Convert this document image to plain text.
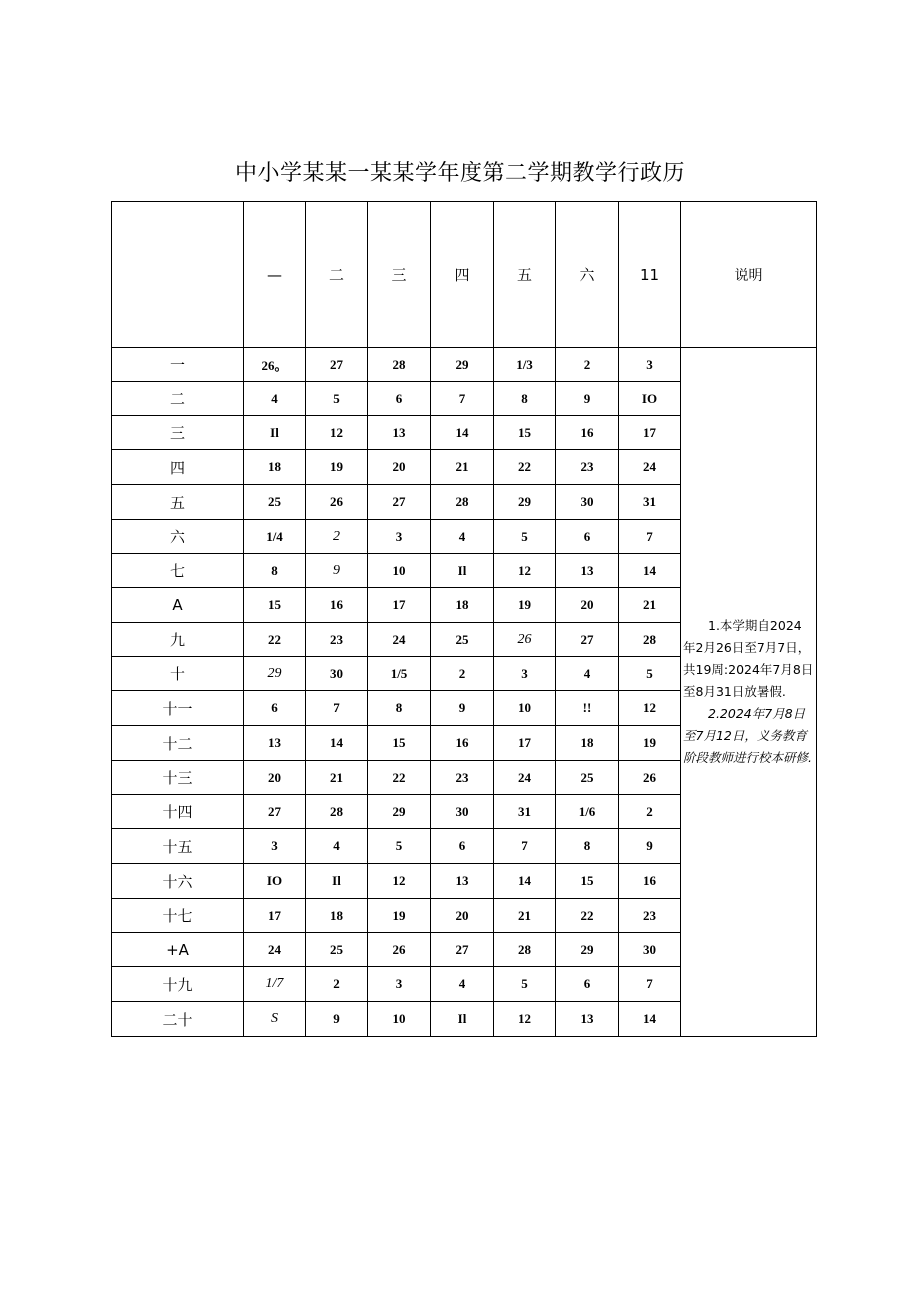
中小学某某一某某学年度第二学期教学行政历
	—	二	三	四	五	六	11	说明
一	26。	27	28	29	1/3	2	3	1.本学期自2024年2月26日至7月7日，共19周:2024年7月8日至8月31日放暑假.

2.2024年7月8日至7月12日，义务教育阶段教师进行校本研修.

二	4	5	6	7	8	9	IO	
三	Il	12	13	14	15	16	17	
四	18	19	20	21	22	23	24	
五	25	26	27	28	29	30	31	
六	1/4	2	3	4	5	6	7	
七	8	9	10	Il	12	13	14	
A	15	16	17	18	19	20	21	
九	22	23	24	25	26	27	28	
十	29	30	1/5	2	3	4	5	
十一	6	7	8	9	10	!!	12	
十二	13	14	15	16	17	18	19	
十三	20	21	22	23	24	25	26	
十四	27	28	29	30	31	1/6	2	
十五	3	4	5	6	7	8	9	
十六	IO	Il	12	13	14	15	16	
十七	17	18	19	20	21	22	23	
+A	24	25	26	27	28	29	30	
十九	1/7	2	3	4	5	6	7	
二十	S	9	10	Il	12	13	14	
